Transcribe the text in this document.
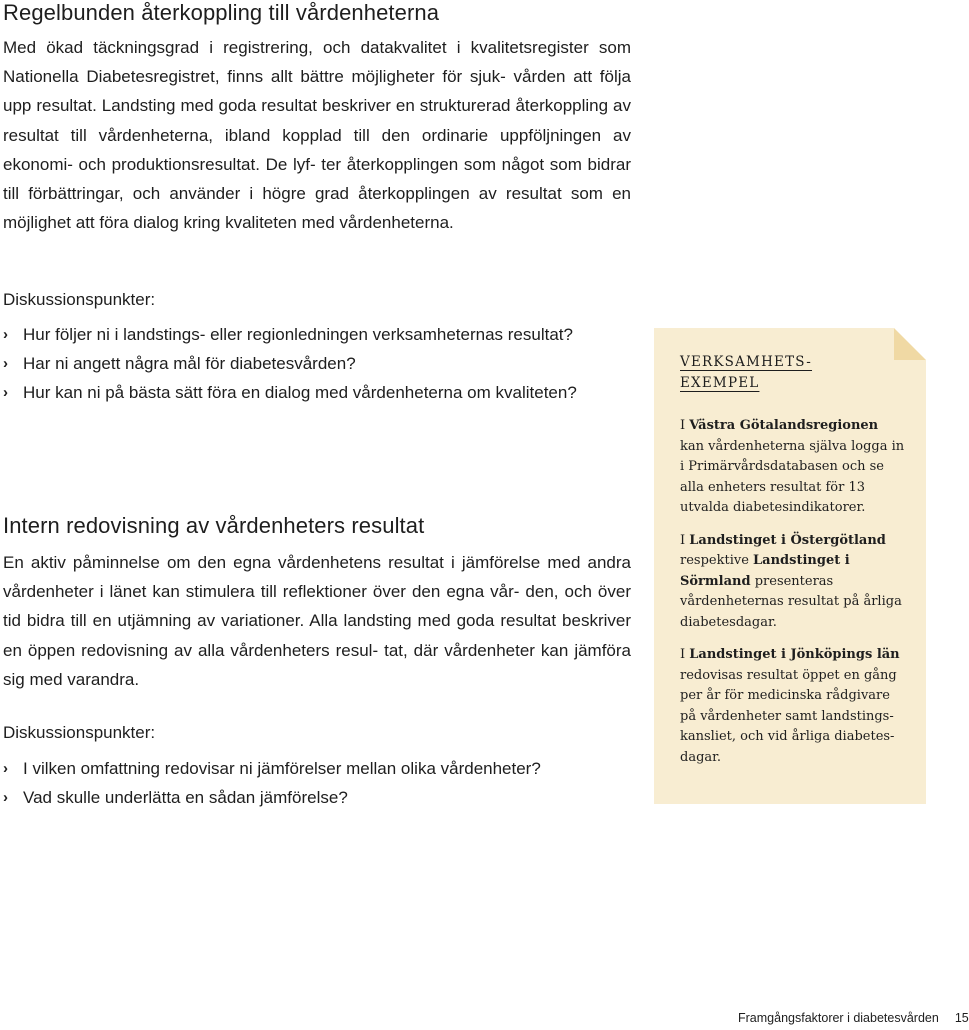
Regelbunden återkoppling till vårdenheterna

Med ökad täckningsgrad i registrering, och datakvalitet i kvalitetsregister som Nationella Diabetesregistret, finns allt bättre möjligheter för sjuk- vården att följa upp resultat. Landsting med goda resultat beskriver en strukturerad återkoppling av resultat till vårdenheterna, ibland kopplad till den ordinarie uppföljningen av ekonomi- och produktionsresultat. De lyf- ter återkopplingen som något som bidrar till förbättringar, och använder i högre grad återkopplingen av resultat som en möjlighet att föra dialog kring kvaliteten med vårdenheterna.

Diskussionspunkter:
› Hur följer ni i landstings- eller regionledningen verksamheternas resultat?
› Har ni angett några mål för diabetesvården?
› Hur kan ni på bästa sätt föra en dialog med vårdenheterna om kvaliteten?
Intern redovisning av vårdenheters resultat

En aktiv påminnelse om den egna vårdenhetens resultat i jämförelse med andra vårdenheter i länet kan stimulera till reflektioner över den egna vår- den, och över tid bidra till en utjämning av variationer. Alla landsting med goda resultat beskriver en öppen redovisning av alla vårdenheters resul- tat, där vårdenheter kan jämföra sig med varandra.

Diskussionspunkter:
› I vilken omfattning redovisar ni jämförelser mellan olika vårdenheter?
› Vad skulle underlätta en sådan jämförelse?
VERKSAMHETS-
EXEMPEL

I Västra Götalandsregionen kan vårdenheterna själva logga in i Primärvårdsdatabasen och se alla enheters resultat för 13 utvalda diabetesindikatorer.

I Landstinget i Östergötland respektive Landstinget i Sörmland presenteras vårdenheternas resultat på årliga diabetesdagar.

I Landstinget i Jönköpings län redovisas resultat öppet en gång per år för medicinska rådgivare på vårdenheter samt landstings- kansliet, och vid årliga diabetes- dagar.

Framgångsfaktorer i diabetesvården 15
